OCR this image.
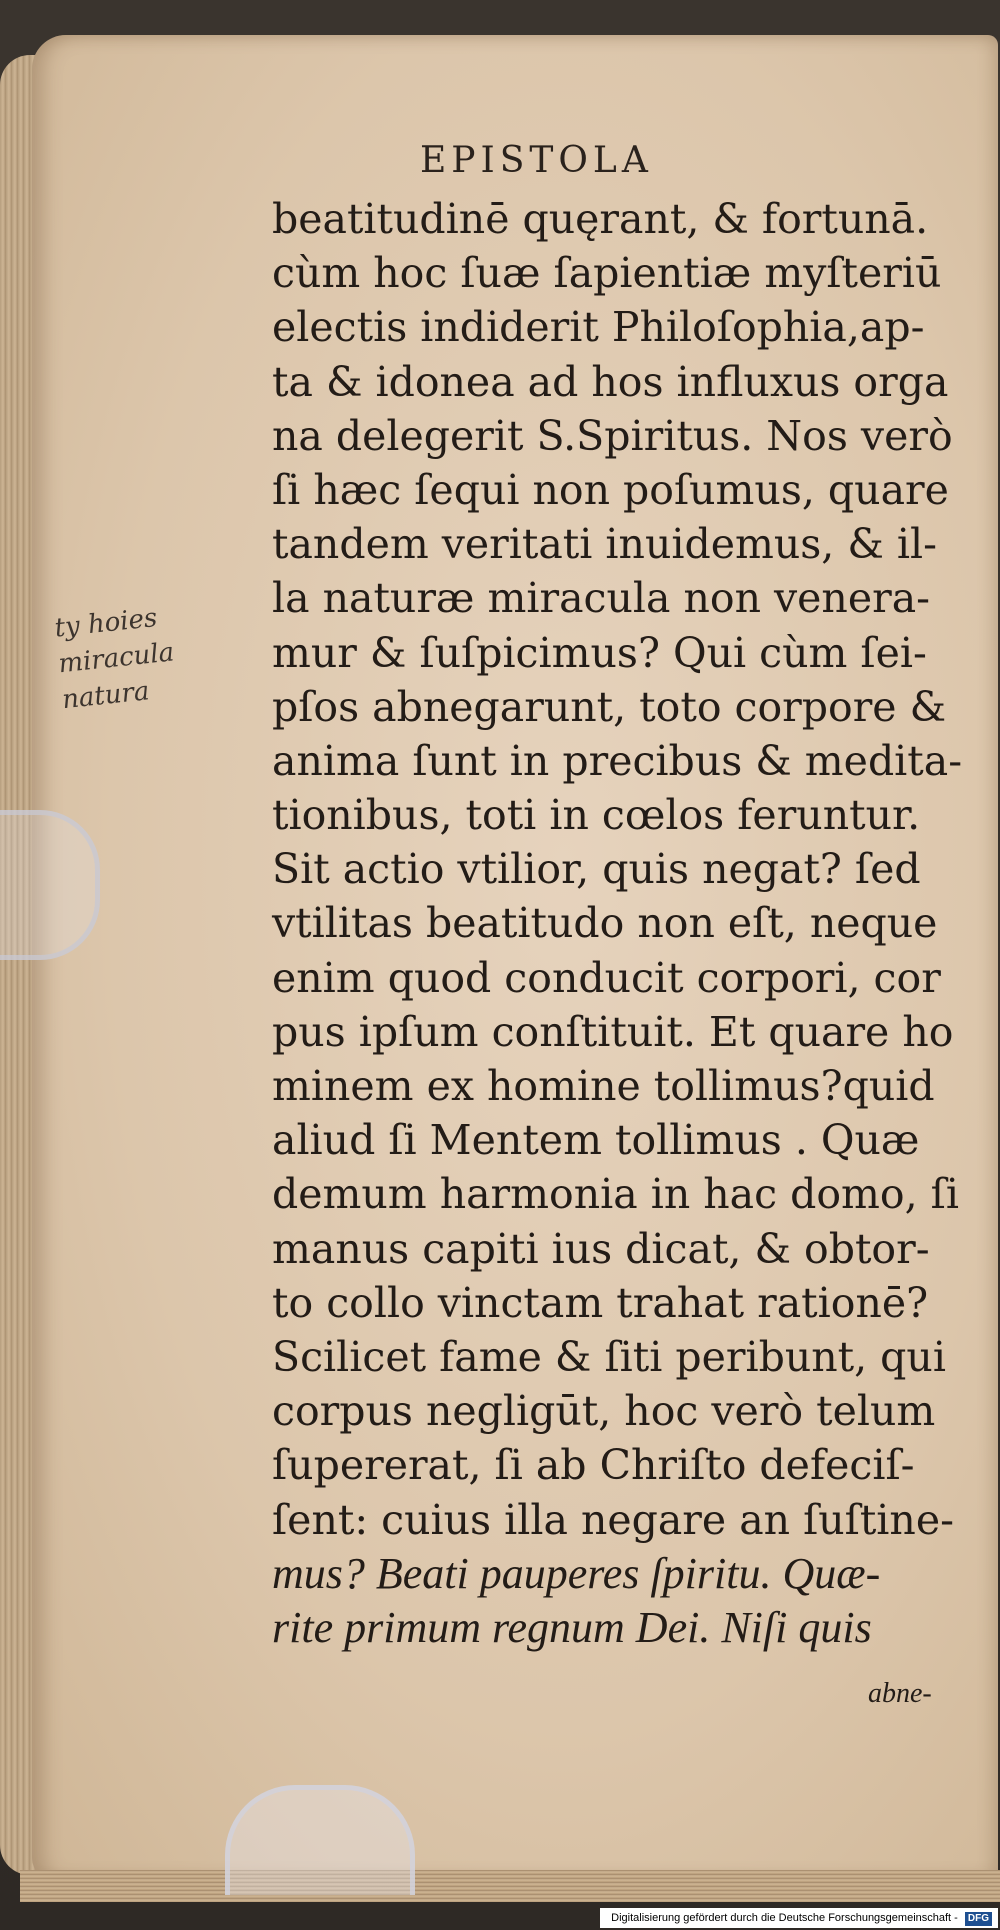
EPISTOLA
beatitudinē quęrant, & fortunā.
cùm hoc ſuæ ſapientiæ myſteriū
electis indiderit Philoſophia,ap-
ta & idonea ad hos influxus orga
na delegerit S.Spiritus. Nos verò
ſi hæc ſequi non poſumus, quare
tandem veritati inuidemus, & il-
la naturæ miracula non venera-
mur & ſuſpicimus? Qui cùm ſei-
pſos abnegarunt, toto corpore &
anima ſunt in precibus & medita-
tionibus, toti in cœlos feruntur.
Sit actio vtilior, quis negat? ſed
vtilitas beatitudo non eſt, neque
enim quod conducit corpori, cor
pus ipſum conſtituit. Et quare ho
minem ex homine tollimus?quid
aliud ſi Mentem tollimus . Quæ
demum harmonia in hac domo, ſi
manus capiti ius dicat, & obtor-
to collo vinctam trahat rationē?
Scilicet fame & ſiti peribunt, qui
corpus negligūt, hoc verò telum
ſupererat, ſi ab Chriſto defeciſ-
ſent: cuius illa negare an ſuſtine-
mus? Beati pauperes ſpiritu. Quæ-
rite primum regnum Dei. Niſi quis
abne-
ty hoies
miracula
natura
Digitalisierung gefördert durch die Deutsche Forschungsgemeinschaft - DFG
